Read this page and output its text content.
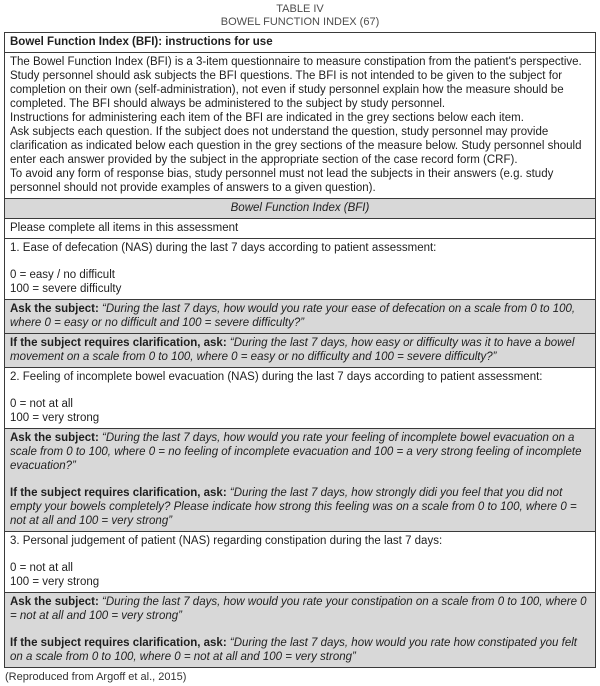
TABLE IV
BOWEL FUNCTION INDEX (67)
Bowel Function Index (BFI): instructions for use

The Bowel Function Index (BFI) is a 3-item questionnaire to measure constipation from the patient's perspective. Study personnel should ask subjects the BFI questions. The BFI is not intended to be given to the subject for completion on their own (self-administration), not even if study personnel explain how the measure should be completed. The BFI should always be administered to the subject by study personnel.

Instructions for administering each item of the BFI are indicated in the grey sections below each item.

Ask subjects each question. If the subject does not understand the question, study personnel may provide clarification as indicated below each question in the grey sections of the measure below. Study personnel should enter each answer provided by the subject in the appropriate section of the case record form (CRF).

To avoid any form of response bias, study personnel must not lead the subjects in their answers (e.g. study personnel should not provide examples of answers to a given question).

Bowel Function Index (BFI)
Please complete all items in this assessment

1. Ease of defecation (NAS) during the last 7 days according to patient assessment:

0 = easy / no difficult

100 = severe difficulty

Ask the subject: “During the last 7 days, how would you rate your ease of defecation on a scale from 0 to 100, where 0 = easy or no difficult and 100 = severe difficulty?”

If the subject requires clarification, ask: “During the last 7 days, how easy or difficulty was it to have a bowel movement on a scale from 0 to 100, where 0 = easy or no difficulty and 100 = severe difficulty?”

2. Feeling of incomplete bowel evacuation (NAS) during the last 7 days according to patient assessment:

0 = not at all

100 = very strong

Ask the subject: “During the last 7 days, how would you rate your feeling of incomplete bowel evacuation on a scale from 0 to 100, where 0 = no feeling of incomplete evacuation and 100 = a very strong feeling of incomplete evacuation?”

If the subject requires clarification, ask: “During the last 7 days, how strongly didi you feel that you did not empty your bowels completely? Please indicate how strong this feeling was on a scale from 0 to 100, where 0 = not at all and 100 = very strong”

3. Personal judgement of patient (NAS) regarding constipation during the last 7 days:

0 = not at all

100 = very strong

Ask the subject: “During the last 7 days, how would you rate your constipation on a scale from 0 to 100, where 0 = not at all and 100 = very strong”

If the subject requires clarification, ask: “During the last 7 days, how would you rate how constipated you felt on a scale from 0 to 100, where 0 = not at all and 100 = very strong”

(Reproduced from Argoff et al., 2015)
